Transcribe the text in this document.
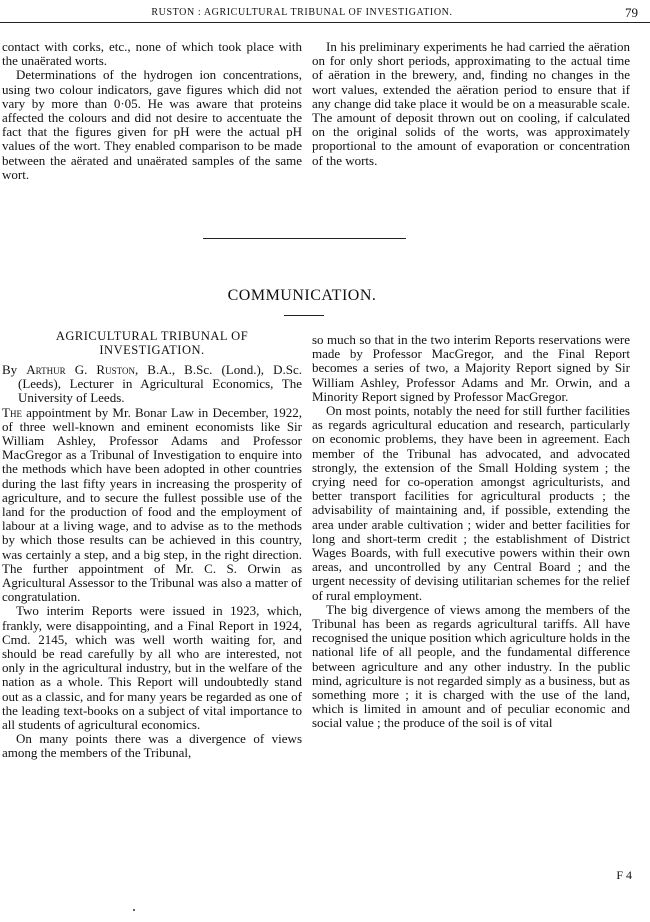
RUSTON : AGRICULTURAL TRIBUNAL OF INVESTIGATION.	79

contact with corks, etc., none of which took place with the unaërated worts.

Determinations of the hydrogen ion concentrations, using two colour indicators, gave figures which did not vary by more than 0·05. He was aware that proteins affected the colours and did not desire to accentuate the fact that the figures given for pH were the actual pH values of the wort. They enabled comparison to be made between the aërated and unaërated samples of the same wort.

In his preliminary experiments he had carried the aëration on for only short periods, approximating to the actual time of aëration in the brewery, and, finding no changes in the wort values, extended the aëration period to ensure that if any change did take place it would be on a measurable scale. The amount of deposit thrown out on cooling, if calculated on the original solids of the worts, was approximately proportional to the amount of evaporation or concentration of the worts.

COMMUNICATION.
AGRICULTURAL TRIBUNAL OF
INVESTIGATION.

By Arthur G. Ruston, B.A., B.Sc. (Lond.), D.Sc. (Leeds), Lecturer in Agricultural Economics, The University of Leeds.

The appointment by Mr. Bonar Law in December, 1922, of three well-known and eminent economists like Sir William Ashley, Professor Adams and Professor MacGregor as a Tribunal of Investigation to enquire into the methods which have been adopted in other countries during the last fifty years in increasing the prosperity of agriculture, and to secure the fullest possible use of the land for the production of food and the employment of labour at a living wage, and to advise as to the methods by which those results can be achieved in this country, was certainly a step, and a big step, in the right direction. The further appointment of Mr. C. S. Orwin as Agricultural Assessor to the Tribunal was also a matter of congratulation.

Two interim Reports were issued in 1923, which, frankly, were disappointing, and a Final Report in 1924, Cmd. 2145, which was well worth waiting for, and should be read carefully by all who are interested, not only in the agricultural industry, but in the welfare of the nation as a whole. This Report will undoubtedly stand out as a classic, and for many years be regarded as one of the leading text-books on a subject of vital importance to all students of agricultural economics.

On many points there was a divergence of views among the members of the Tribunal,

so much so that in the two interim Reports reservations were made by Professor MacGregor, and the Final Report becomes a series of two, a Majority Report signed by Sir William Ashley, Professor Adams and Mr. Orwin, and a Minority Report signed by Professor MacGregor.

On most points, notably the need for still further facilities as regards agricultural education and research, particularly on economic problems, they have been in agreement. Each member of the Tribunal has advocated, and advocated strongly, the extension of the Small Holding system ; the crying need for co-operation amongst agriculturists, and better transport facilities for agricultural products ; the advisability of maintaining and, if possible, extending the area under arable cultivation ; wider and better facilities for long and short-term credit ; the establishment of District Wages Boards, with full executive powers within their own areas, and uncontrolled by any Central Board ; and the urgent necessity of devising utilitarian schemes for the relief of rural employment.

The big divergence of views among the members of the Tribunal has been as regards agricultural tariffs. All have recognised the unique position which agriculture holds in the national life of all people, and the fundamental difference between agriculture and any other industry. In the public mind, agriculture is not regarded simply as a business, but as something more ; it is charged with the use of the land, which is limited in amount and of peculiar economic and social value ; the produce of the soil is of vital

F 4
